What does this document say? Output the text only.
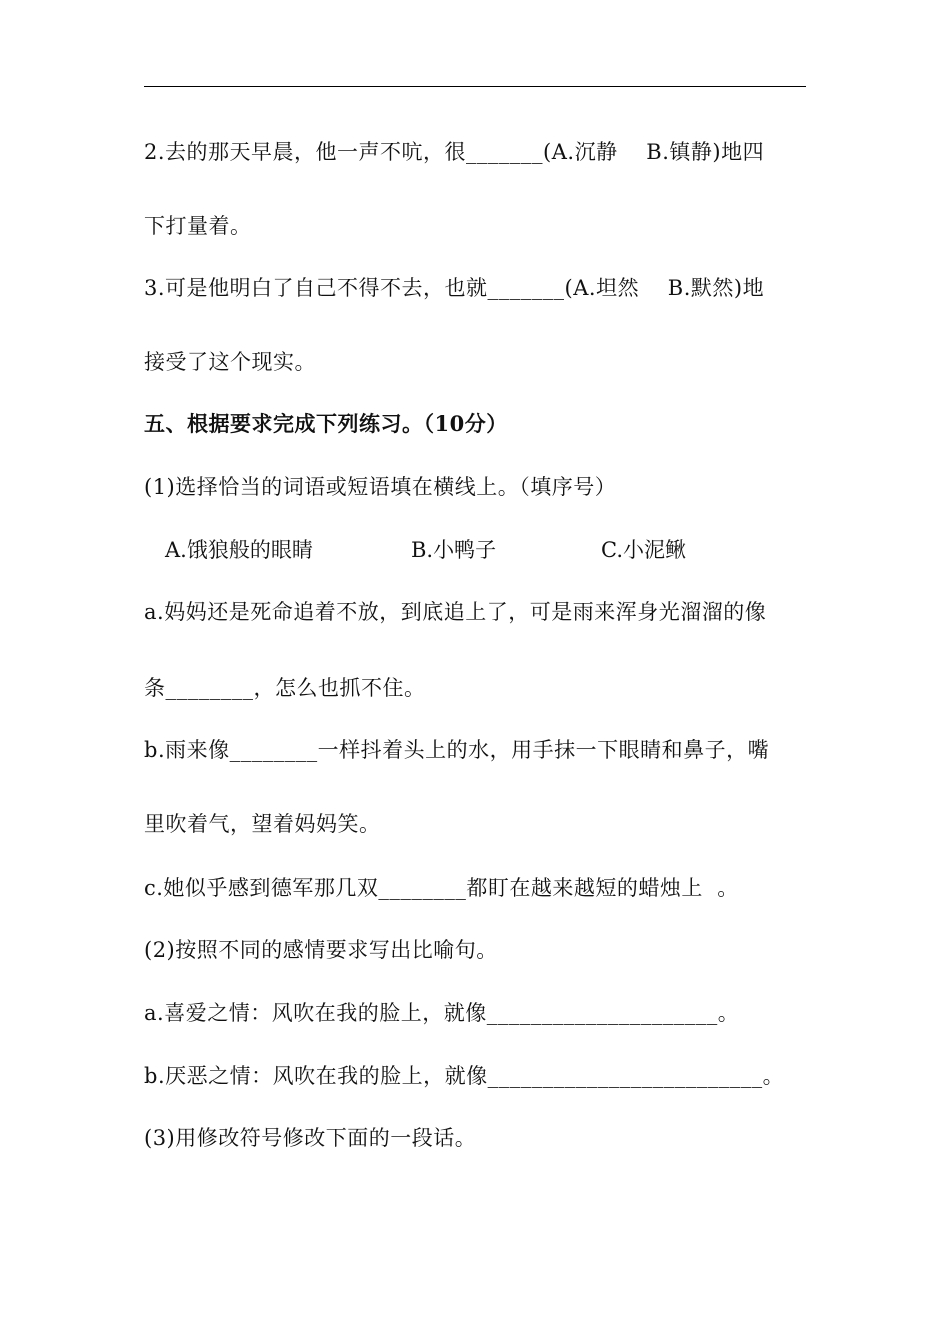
2.去的那天早晨，他一声不吭，很_______(A.沉静    B.镇静)地四
下打量着。
3.可是他明白了自己不得不去，也就_______(A.坦然    B.默然)地
接受了这个现实。
五、根据要求完成下列练习。（10分）
(1)选择恰当的词语或短语填在横线上。（填序号）
A.饿狼般的眼睛	B.小鸭子	C.小泥鳅
a.妈妈还是死命追着不放，到底追上了，可是雨来浑身光溜溜的像
条________，怎么也抓不住。
b.雨来像________一样抖着头上的水，用手抹一下眼睛和鼻子，嘴
里吹着气，望着妈妈笑。
c.她似乎感到德军那几双________都盯在越来越短的蜡烛上  。
(2)按照不同的感情要求写出比喻句。
a.喜爱之情：风吹在我的脸上，就像_____________________。
b.厌恶之情：风吹在我的脸上，就像_________________________。
(3)用修改符号修改下面的一段话。
